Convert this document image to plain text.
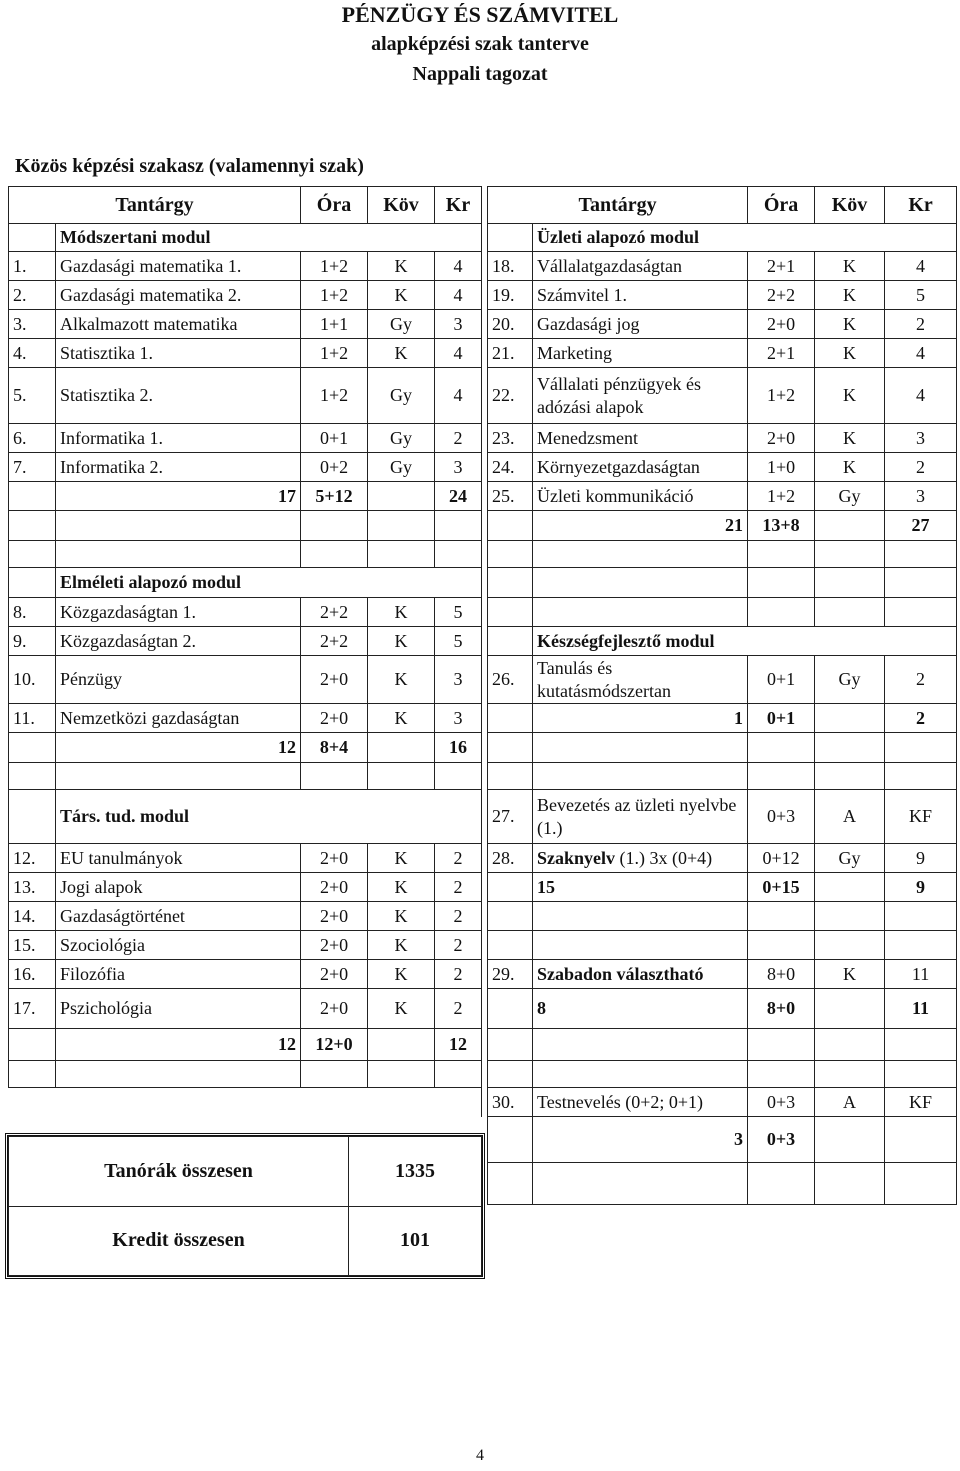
PÉNZÜGY ÉS SZÁMVITEL
alapképzési szak tanterve
Nappali tagozat
Közös képzési szakasz (valamennyi szak)
Tantárgy		Óra	Köv	Kr		Tantárgy		Óra	Köv	Kr
	Módszertani modul						Üzleti alapozó modul			
1.	Gazdasági matematika 1.	1+2	K	4		18.	Vállalatgazdaságtan	2+1	K	4
2.	Gazdasági matematika 2.	1+2	K	4		19.	Számvitel 1.	2+2	K	5
3.	Alkalmazott matematika	1+1	Gy	3		20.	Gazdasági jog	2+0	K	2
4.	Statisztika 1.	1+2	K	4		21.	Marketing	2+1	K	4
5.	Statisztika 2.	1+2	Gy	4		22.	Vállalati pénzügyek és adózási alapok	1+2	K	4
6.	Informatika 1.	0+1	Gy	2		23.	Menedzsment	2+0	K	3
7.	Informatika 2.	0+2	Gy	3		24.	Környezetgazdaságtan	1+0	K	2
	17	5+12		24		25.	Üzleti kommunikáció	1+2	Gy	3
							21	13+8		27

	Elméleti alapozó modul									
8.	Közgazdaságtan 1.	2+2	K	5						
9.	Közgazdaságtan 2.	2+2	K	5			Készségfejlesztő modul			
10.	Pénzügy	2+0	K	3		26.	Tanulás és kutatásmódszertan	0+1	Gy	2
11.	Nemzetközi gazdaságtan	2+0	K	3			1	0+1		2
	12	8+4		16						

	Társ. tud. modul					27.	Bevezetés az üzleti nyelvbe (1.)	0+3	A	KF
12.	EU tanulmányok	2+0	K	2		28.	Szaknyelv (1.) 3x (0+4)	0+12	Gy	9
13.	Jogi alapok	2+0	K	2			15	0+15		9
14.	Gazdaságtörténet	2+0	K	2						
15.	Szociológia	2+0	K	2						
16.	Filozófia	2+0	K	2		29.	Szabadon választható	8+0	K	11
17.	Pszichológia	2+0	K	2			8	8+0		11
	12	12+0		12						

						30.	Testnevelés (0+2; 0+1)	0+3	A	KF
							3	0+3		

Tanórák összesen	1335
Kredit összesen	101
4
